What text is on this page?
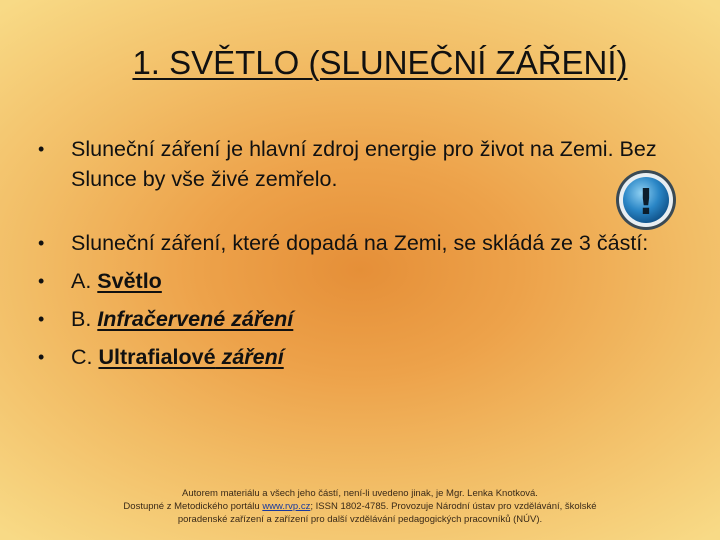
1. SVĚTLO (SLUNEČNÍ ZÁŘENÍ)
• Sluneční záření je hlavní zdroj energie pro život na Zemi. Bez Slunce by vše živé zemřelo.
• Sluneční záření, které dopadá na Zemi, se skládá ze 3 částí:
• A. Světlo
• B. Infračervené záření
• C. Ultrafialové záření
!
Autorem materiálu a všech jeho částí, není-li uvedeno jinak, je Mgr. Lenka Knotková.
Dostupné z Metodického portálu www.rvp.cz; ISSN 1802-4785. Provozuje Národní ústav pro vzdělávání, školské
poradenské zařízení a zařízení pro další vzdělávání pedagogických pracovníků (NÚV).
